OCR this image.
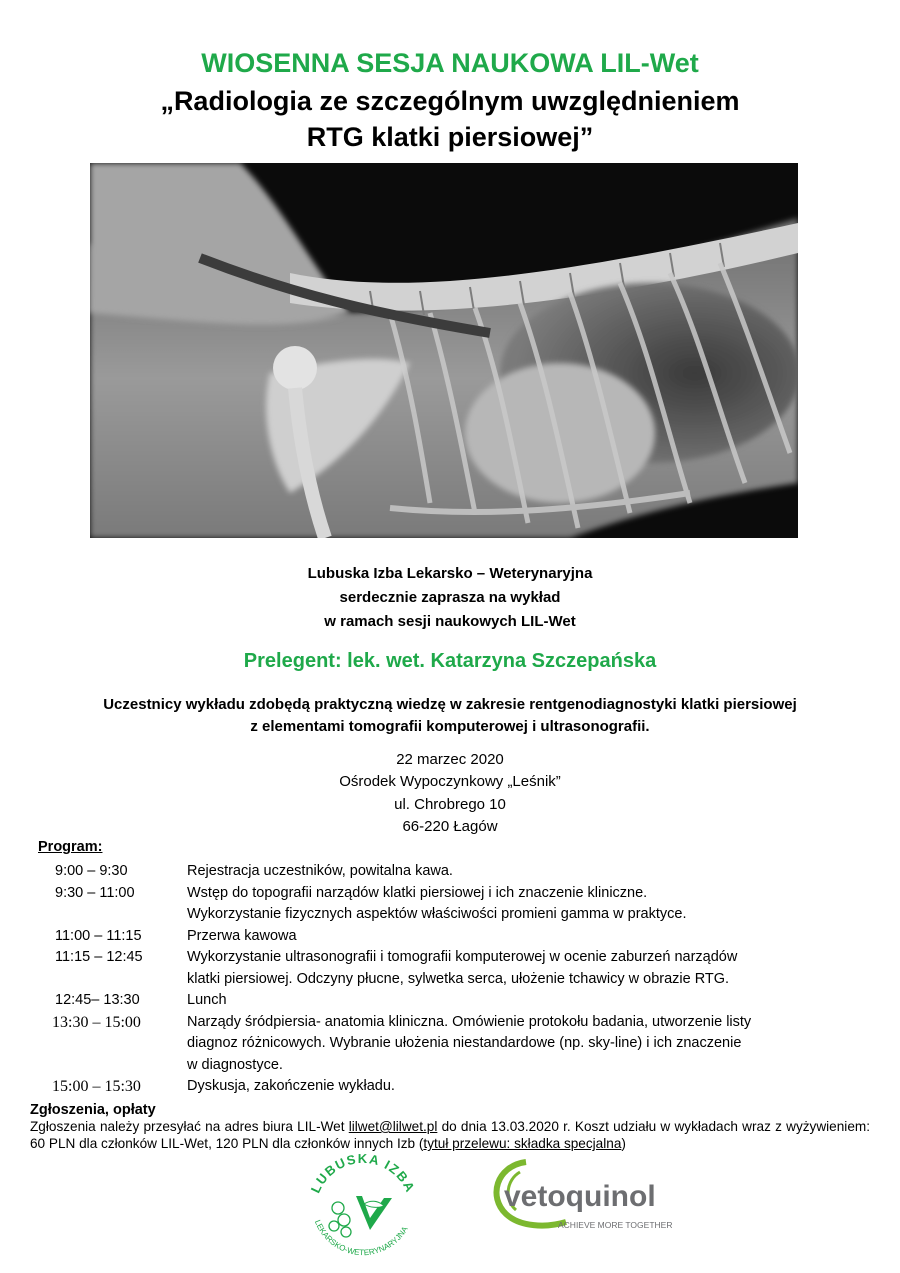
WIOSENNA SESJA NAUKOWA LIL-Wet
„Radiologia ze szczególnym uwzględnieniem
RTG klatki piersiowej”
Lubuska Izba Lekarsko – Weterynaryjna
serdecznie zaprasza na wykład
w ramach sesji naukowych LIL-Wet
Prelegent: lek. wet. Katarzyna Szczepańska
Uczestnicy wykładu zdobędą praktyczną wiedzę w zakresie rentgenodiagnostyki klatki piersiowej
z elementami tomografii komputerowej i ultrasonografii.
22 marzec 2020
Ośrodek Wypoczynkowy „Leśnik”
ul. Chrobrego 10
66-220 Łagów
Program:
9:00 – 9:30	Rejestracja uczestników, powitalna kawa.
9:30 – 11:00	Wstęp do topografii narządów klatki piersiowej i ich znaczenie kliniczne.
Wykorzystanie fizycznych aspektów właściwości promieni gamma w praktyce.
11:00 – 11:15	Przerwa kawowa
11:15 – 12:45	Wykorzystanie ultrasonografii i tomografii komputerowej w ocenie zaburzeń narządów
klatki piersiowej. Odczyny płucne, sylwetka serca, ułożenie tchawicy w obrazie RTG.
12:45– 13:30	Lunch
13:30 – 15:00	Narządy śródpiersia- anatomia kliniczna. Omówienie protokołu badania, utworzenie listy
diagnoz różnicowych. Wybranie ułożenia niestandardowe (np. sky-line) i ich znaczenie
w diagnostyce.
15:00 – 15:30	Dyskusja, zakończenie wykładu.
Zgłoszenia, opłaty
Zgłoszenia należy przesyłać na adres biura LIL-Wet lilwet@lilwet.pl do dnia 13.03.2020 r. Koszt udziału w wykładach wraz z wyżywieniem: 60 PLN dla członków LIL-Wet, 120 PLN dla członków innych Izb (tytuł przelewu: składka specjalna)
LUBUSKA IZBA
LEKARSKO-WETERYNARYJNA
vetoquinol
ACHIEVE MORE TOGETHER
